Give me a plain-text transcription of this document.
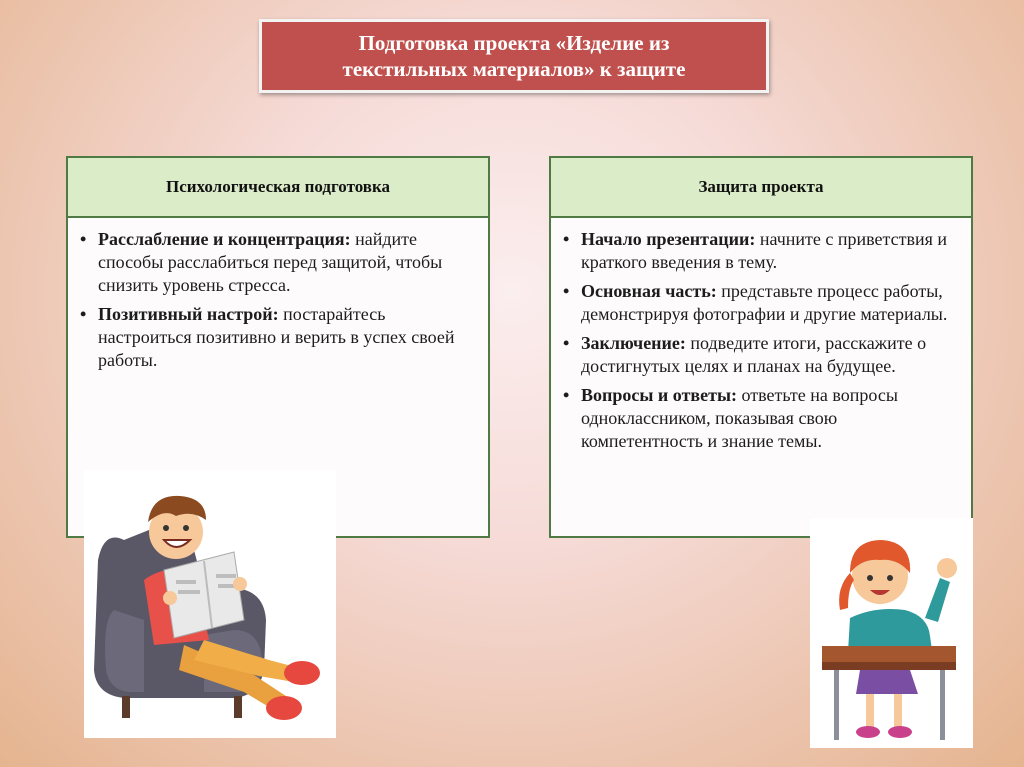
Подготовка проекта «Изделие из
текстильных материалов» к защите
Психологическая подготовка
• Расслабление и концентрация: найдите способы расслабиться перед защитой, чтобы снизить уровень стресса.
• Позитивный настрой: постарайтесь настроиться позитивно и верить в успех своей работы.
Защита проекта
• Начало презентации: начните с приветствия и краткого введения в тему.
• Основная часть: представьте процесс работы, демонстрируя фотографии и другие материалы.
• Заключение: подведите итоги, расскажите о достигнутых целях и планах на будущее.
• Вопросы и ответы: ответьте на вопросы одноклассником, показывая свою компетентность и знание темы.
